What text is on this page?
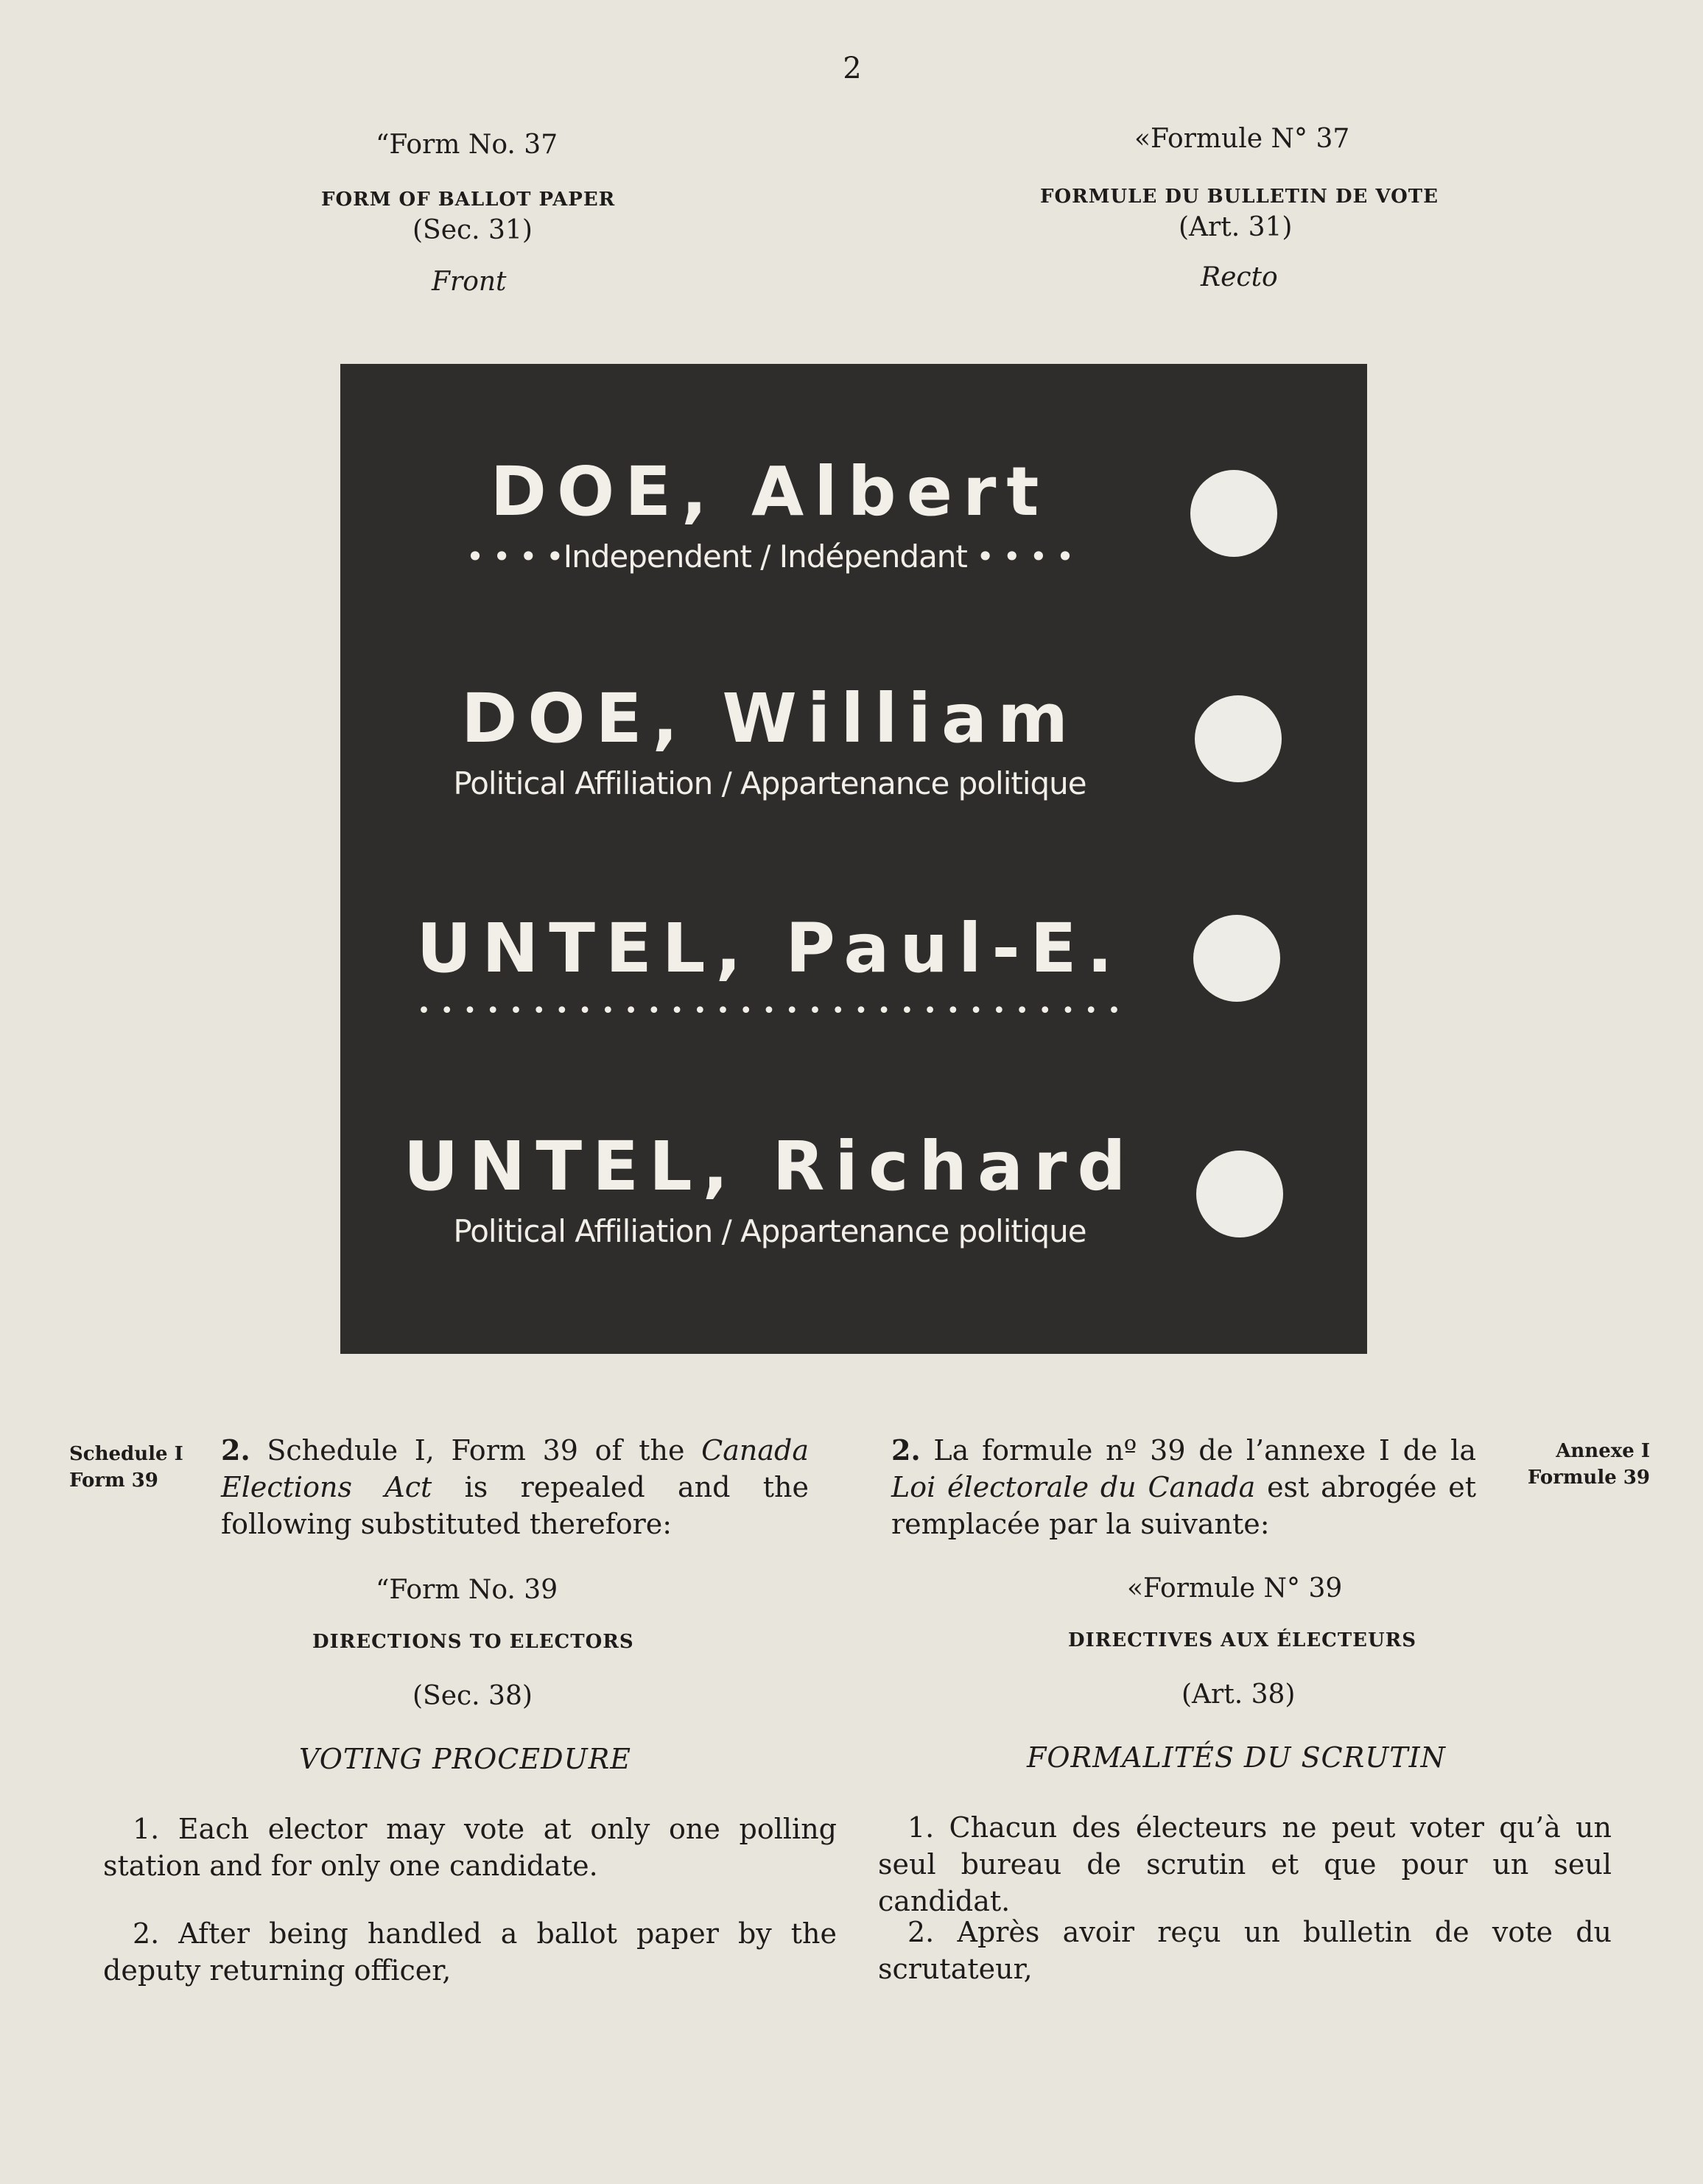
2
“Form No. 37
FORM OF BALLOT PAPER
(Sec. 31)
Front
«Formule N° 37
FORMULE DU BULLETIN DE VOTE
(Art. 31)
Recto
DOE, Albert
• • • •Independent / Indépendant • • • •
DOE, William
Political Affiliation / Appartenance politique
UNTEL, Paul-E.
• • • • • • • • • • • • • • • • • • • • • • • • • • • • • • •
UNTEL, Richard
Political Affiliation / Appartenance politique
Schedule I
Form 39
2. Schedule I, Form 39 of the Canada Elections Act is repealed and the following substituted therefore:
2. La formule nº 39 de l’annexe I de la Loi électorale du Canada est abrogée et remplacée par la suivante:
Annexe I
Formule 39
“Form No. 39
DIRECTIONS TO ELECTORS
(Sec. 38)
VOTING PROCEDURE
«Formule N° 39
DIRECTIVES AUX ÉLECTEURS
(Art. 38)
FORMALITÉS DU SCRUTIN
1. Each elector may vote at only one polling station and for only one candidate.
2. After being handled a ballot paper by the deputy returning officer,
1. Chacun des électeurs ne peut voter qu’à un seul bureau de scrutin et que pour un seul candidat.
2. Après avoir reçu un bulletin de vote du scrutateur,
